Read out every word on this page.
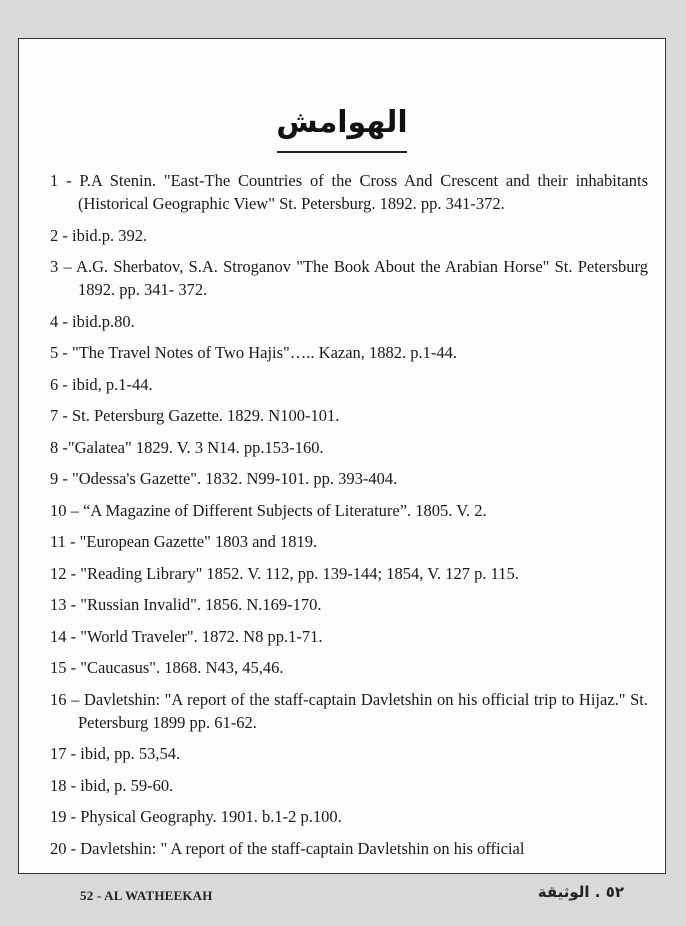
الهوامش
1 - P.A Stenin. "East-The Countries of the Cross And Crescent and their inhabitants (Historical Geographic View" St. Petersburg. 1892. pp. 341-372.
2 - ibid.p. 392.
3 – A.G. Sherbatov, S.A. Stroganov "The Book About the Arabian Horse" St. Petersburg 1892. pp. 341- 372.
4 - ibid.p.80.
5 - "The Travel Notes of Two Hajis"….. Kazan, 1882. p.1-44.
6 - ibid, p.1-44.
7 - St. Petersburg Gazette. 1829. N100-101.
8 -"Galatea" 1829. V. 3 N14. pp.153-160.
9 - "Odessa's Gazette". 1832. N99-101. pp. 393-404.
10 – “A Magazine of Different Subjects of Literature”. 1805. V. 2.
11 - "European Gazette" 1803 and 1819.
12 - "Reading Library" 1852. V. 112, pp. 139-144; 1854, V. 127 p. 115.
13 - "Russian Invalid". 1856. N.169-170.
14 - "World Traveler". 1872. N8 pp.1-71.
15 - "Caucasus". 1868. N43, 45,46.
16 – Davletshin: "A report of the staff-captain Davletshin on his official trip to Hijaz." St. Petersburg 1899 pp. 61-62.
17 - ibid, pp. 53,54.
18 - ibid, p. 59-60.
19 - Physical Geography. 1901. b.1-2 p.100.
20 - Davletshin: " A report of the staff-captain Davletshin on his official
52 - AL WATHEEKAH	٥٢ . الوثيقة
